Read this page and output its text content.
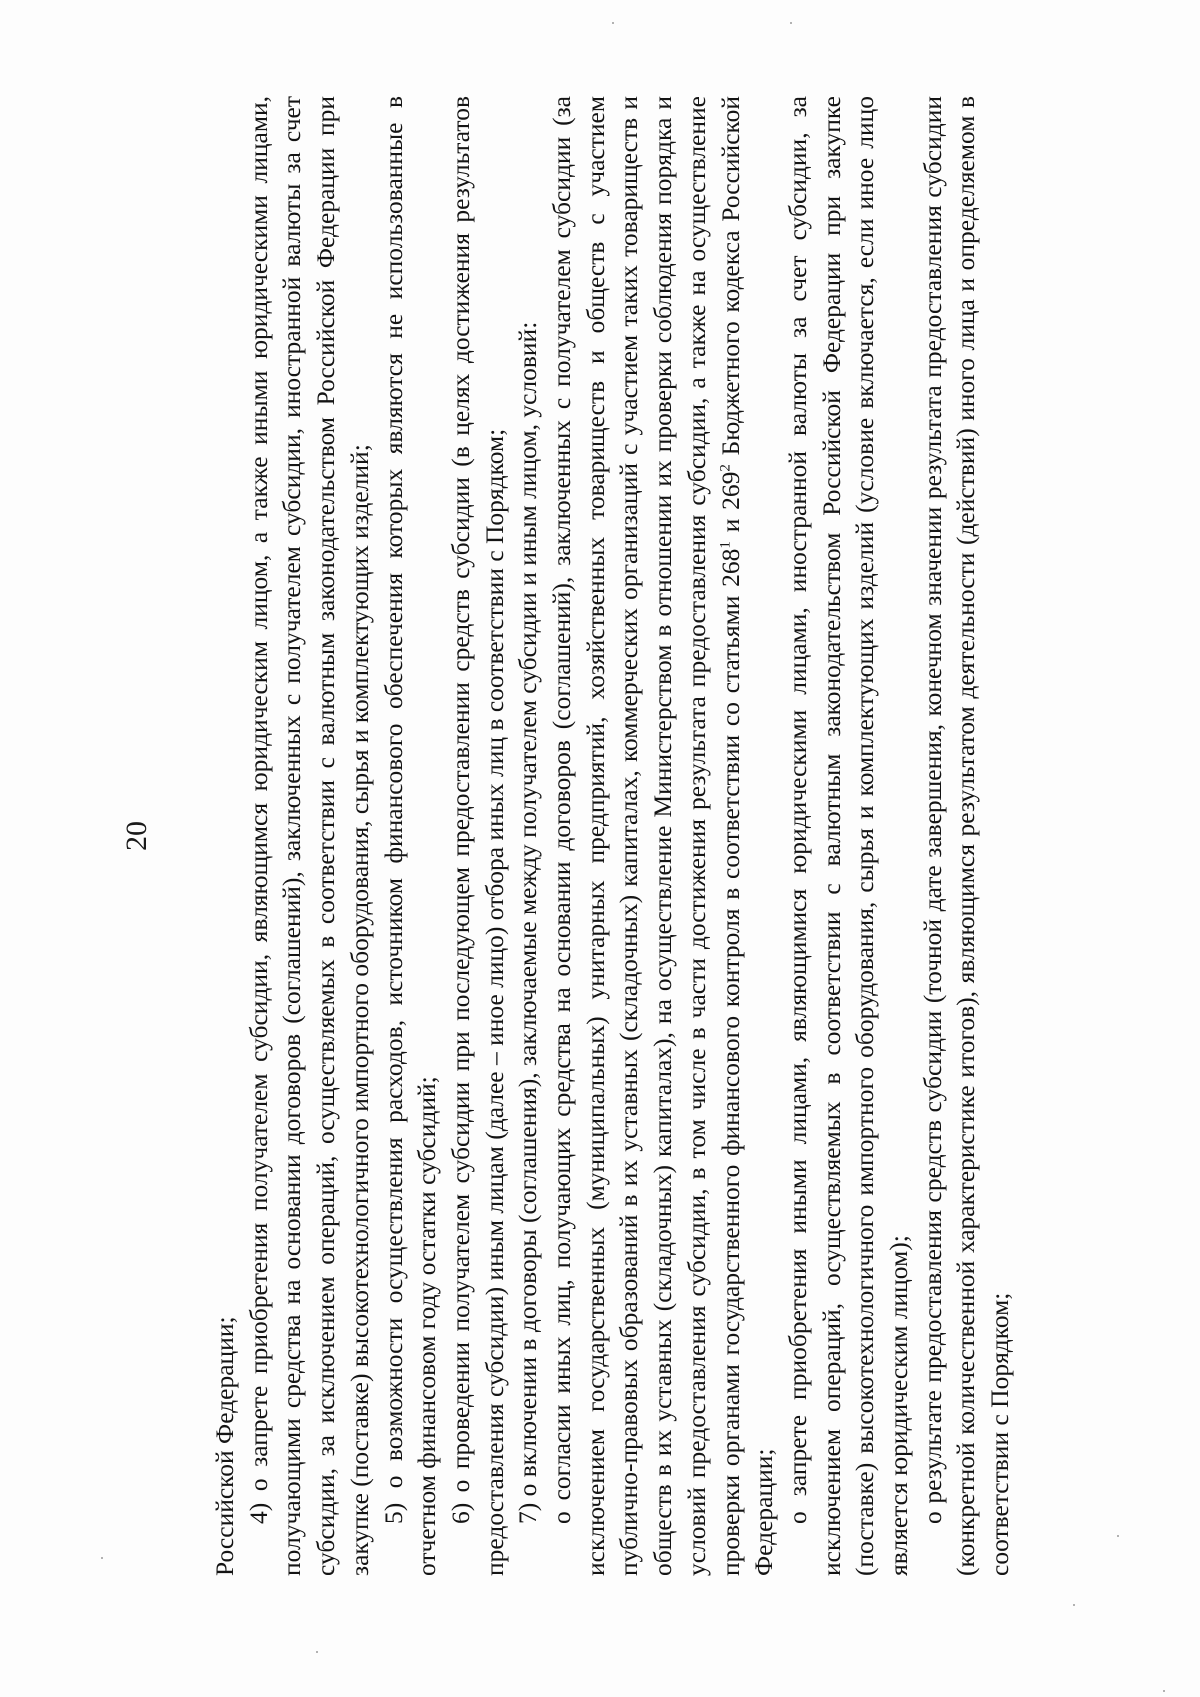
20

Российской Федерации; 4) о запрете приобретения получателем субсидии, являющимся юридическим лицом, а также иными юридическими лицами, получающими средства на основании договоров (соглашений), заключенных с получателем субсидии, иностранной валюты за счет субсидии, за исключением операций, осуществляемых в соответствии с валютным законодательством Российской Федерации при закупке (поставке) высокотехнологичного импортного оборудования, сырья и комплектующих изделий; 5) о возможности осуществления расходов, источником финансового обеспечения которых являются не использованные в отчетном финансовом году остатки субсидий; 6) о проведении получателем субсидии при последующем предоставлении средств субсидии (в целях достижения результатов предоставления субсидии) иным лицам (далее – иное лицо) отбора иных лиц в соответствии с Порядком; 7) о включении в договоры (соглашения), заключаемые между получателем субсидии и иным лицом, условий: о согласии иных лиц, получающих средства на основании договоров (соглашений), заключенных с получателем субсидии (за исключением государственных (муниципальных) унитарных предприятий, хозяйственных товариществ и обществ с участием публично-правовых образований в их уставных (складочных) капиталах, коммерческих организаций с участием таких товариществ и обществ в их уставных (складочных) капиталах), на осуществление Министерством в отношении их проверки соблюдения порядка и условий предоставления субсидии, в том числе в части достижения результата предоставления субсидии, а также на осуществление проверки органами государственного финансового контроля в соответствии со статьями $268^1$ и $269^2$ Бюджетного кодекса Российской Федерации; о запрете приобретения иными лицами, являющимися юридическими лицами, иностранной валюты за счет субсидии, за исключением операций, осуществляемых в соответствии с валютным законодательством Российской Федерации при закупке (поставке) высокотехнологичного импортного оборудования, сырья и комплектующих изделий (условие включается, если иное лицо является юридическим лицом); о результате предоставления средств субсидии (точной дате завершения, конечном значении результата предоставления субсидии (конкретной количественной характеристике итогов), являющимся результатом деятельности (действий) иного лица и определяемом в соответствии с Порядком;
